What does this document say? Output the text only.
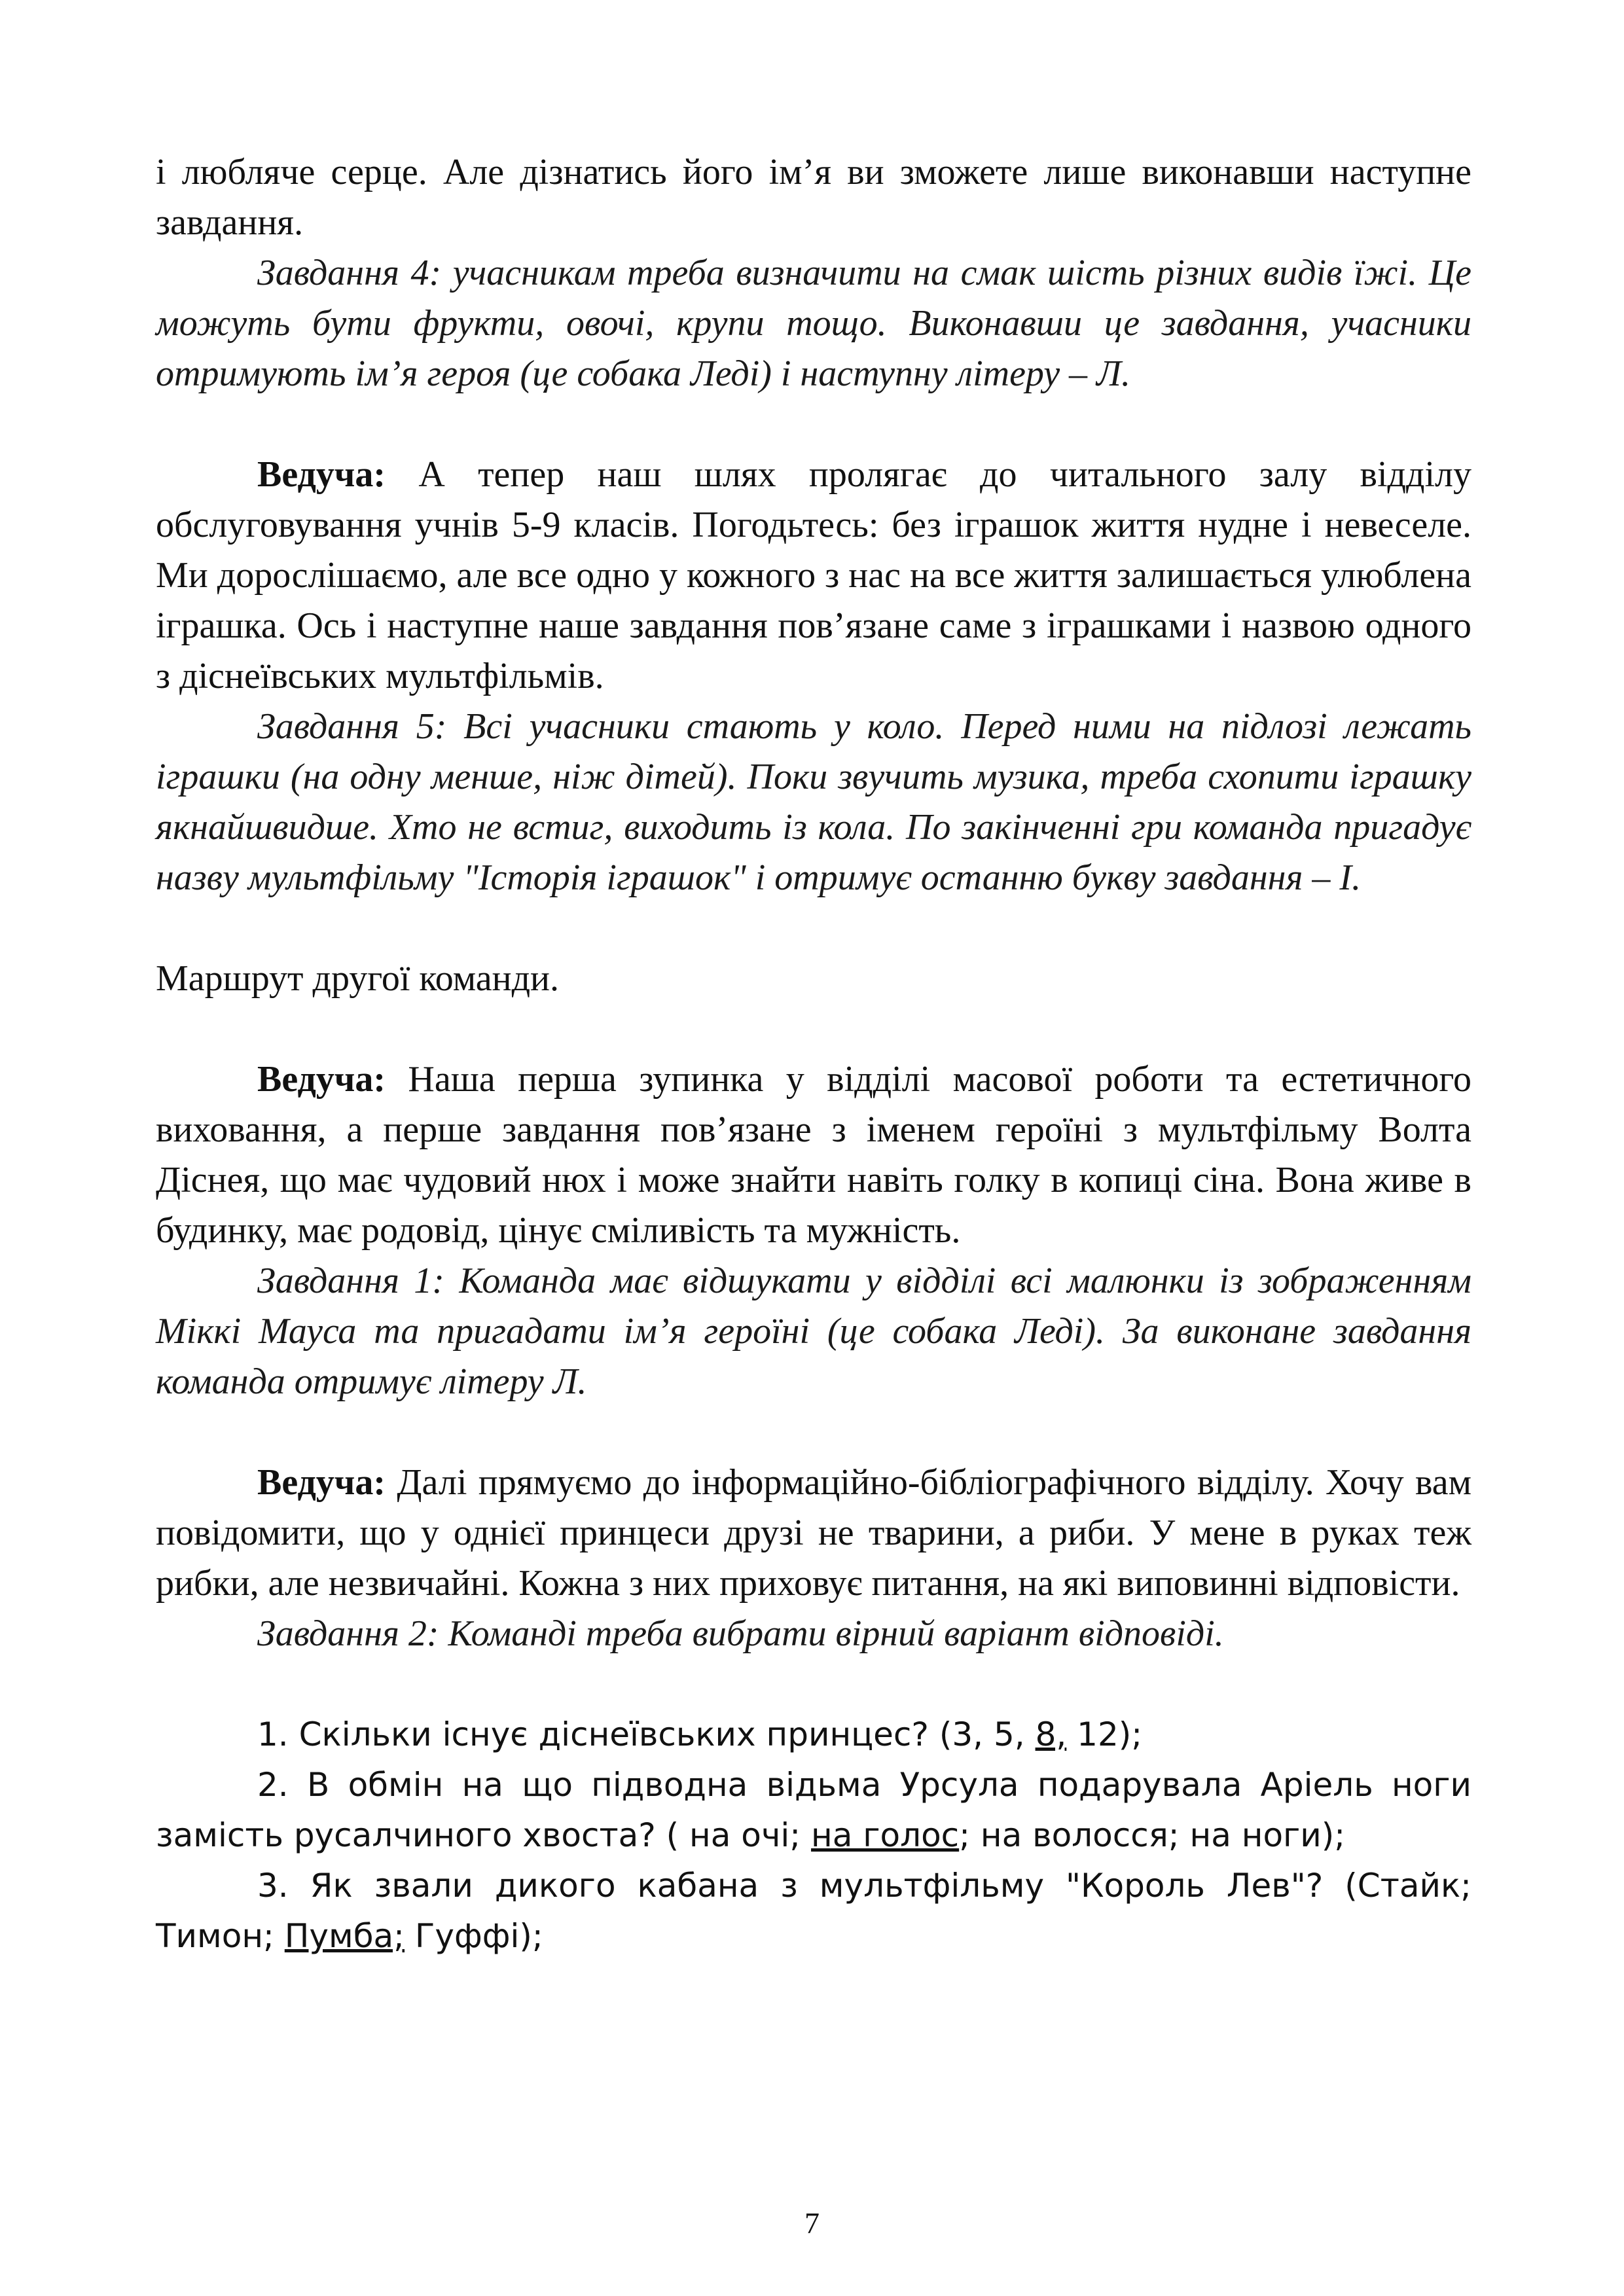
і любляче серце. Але дізнатись його ім’я ви зможете лише виконавши наступне завдання.

Завдання 4: учасникам треба визначити на смак шість різних видів їжі. Це можуть бути фрукти, овочі, крупи тощо. Виконавши це завдання, учасники отримують ім’я героя (це собака Леді) і наступну літеру – Л.

Ведуча: А тепер наш шлях пролягає до читального залу відділу обслуговування учнів 5-9 класів. Погодьтесь: без іграшок життя нудне і невеселе. Ми дорослішаємо, але все одно у кожного з нас на все життя залишається улюблена іграшка. Ось і наступне наше завдання пов’язане саме з іграшками і назвою одного з діснеївських мультфільмів.

Завдання 5: Всі учасники стають у коло. Перед ними на підлозі лежать іграшки (на одну менше, ніж дітей). Поки звучить музика, треба схопити іграшку якнайшвидше. Хто не встиг, виходить із кола. По закінченні гри команда пригадує назву мультфільму "Історія іграшок" і отримує останню букву завдання – І.

Маршрут другої команди.

Ведуча: Наша перша зупинка у відділі масової роботи та естетичного виховання, а перше завдання пов’язане з іменем героїні з мультфільму Волта Діснея, що має чудовий нюх і може знайти навіть голку в копиці сіна. Вона живе в будинку, має родовід, цінує сміливість та мужність.

Завдання 1: Команда має відшукати у відділі всі малюнки із зображенням Міккі Мауса та пригадати ім’я героїні (це собака Леді). За виконане завдання команда отримує літеру Л.

Ведуча: Далі прямуємо до інформаційно-бібліографічного відділу. Хочу вам повідомити, що у однієї принцеси друзі не тварини, а риби. У мене в руках теж рибки, але незвичайні. Кожна з них приховує питання, на які виповинні відповісти.

Завдання 2: Команді треба вибрати вірний варіант відповіді.

1. Скільки існує діснеївських принцес? (3, 5, 8, 12);

2. В обмін на що підводна відьма Урсула подарувала Аріель ноги замість русалчиного хвоста? ( на очі; на голос; на волосся; на ноги);

3. Як звали дикого кабана з мультфільму "Король Лев"? (Стайк; Тимон; Пумба; Гуффі);

7
